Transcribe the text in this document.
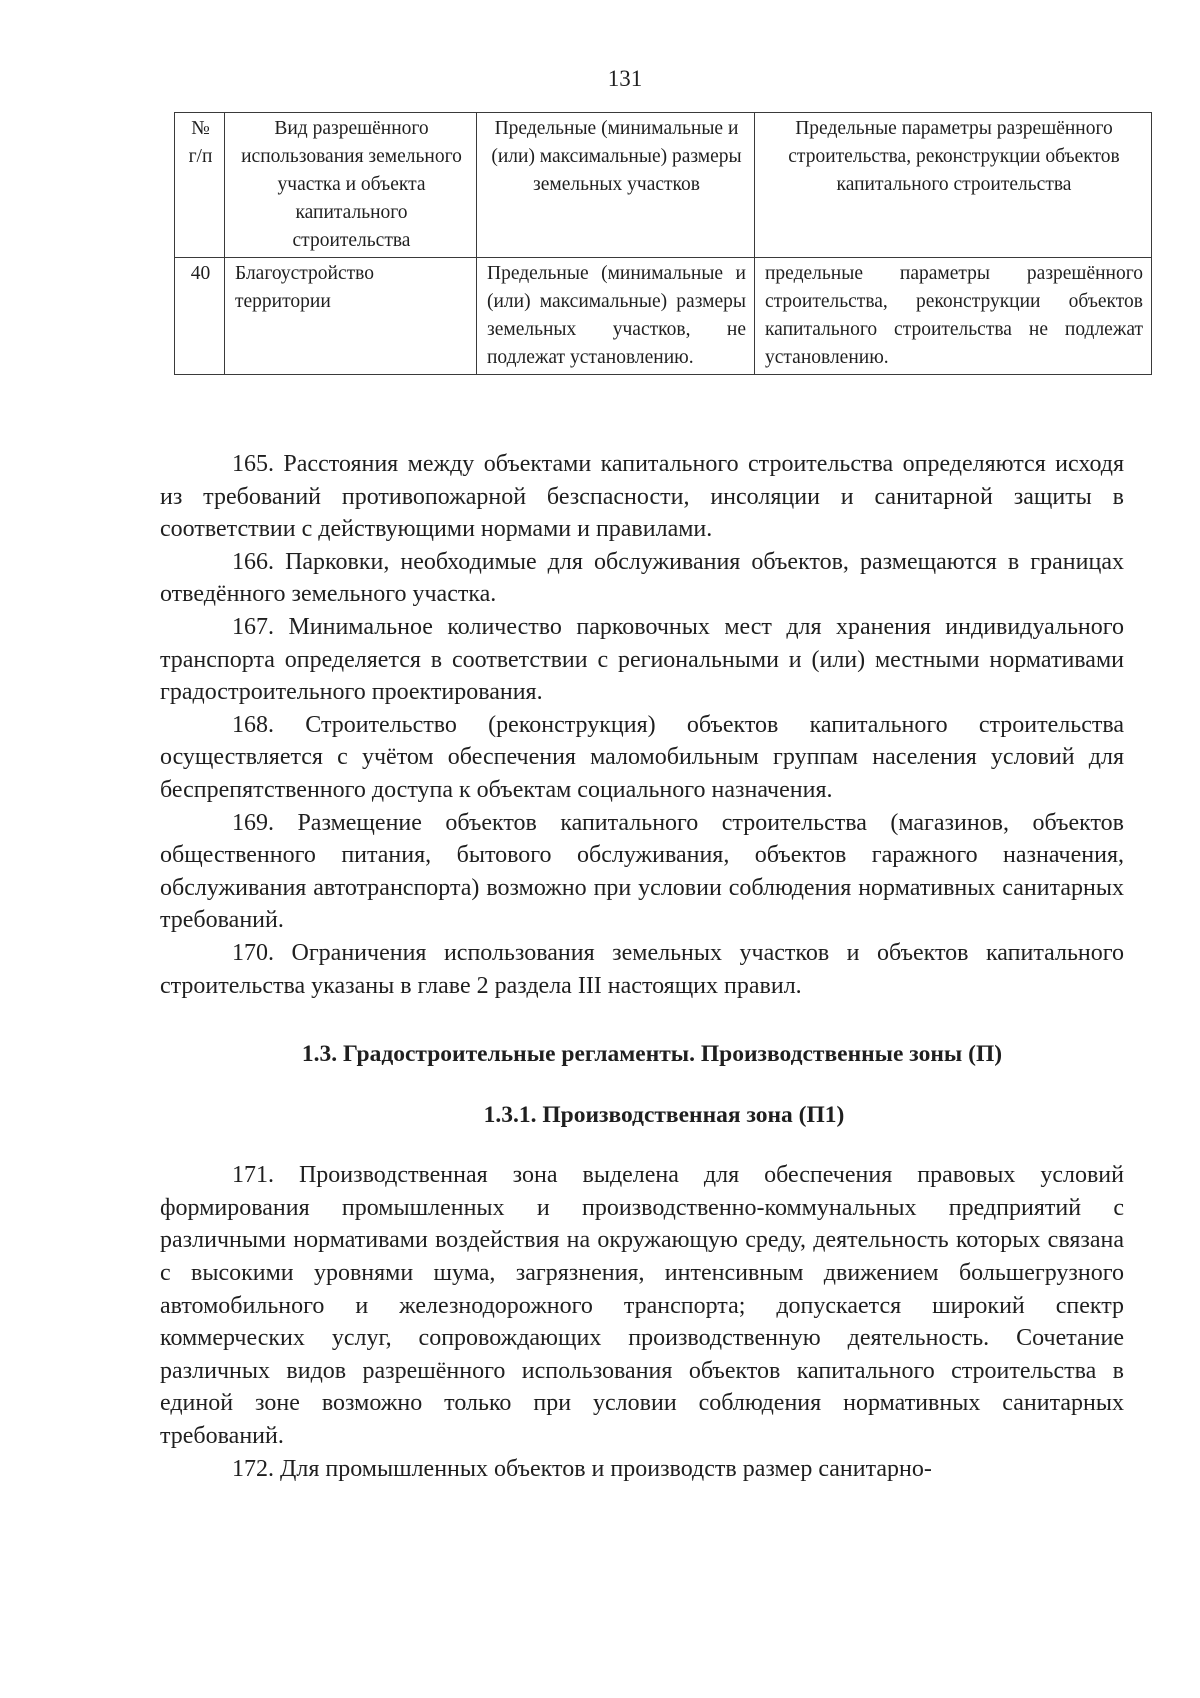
131
№ г/п	Вид разрешённого использования земельного участка и объекта капитального строительства	Предельные (минимальные и (или) максимальные) размеры земельных участков	Предельные параметры разрешённого строительства, реконструкции объектов капитального строительства
40	Благоустройство территории	Предельные (минимальные и (или) максимальные) размеры земельных участков, не подлежат установлению.	предельные параметры разрешённого строительства, реконструкции объектов капитального строительства не подлежат установлению.

165. Расстояния между объектами капитального строительства определяются исходя из требований противопожарной безспасности, инсоляции и санитарной защиты в соответствии с действующими нормами и правилами.

166. Парковки, необходимые для обслуживания объектов, размещаются в границах отведённого земельного участка.

167. Минимальное количество парковочных мест для хранения индивидуального транспорта определяется в соответствии с региональными и (или) местными нормативами градостроительного проектирования.

168. Строительство (реконструкция) объектов капитального строительства осуществляется с учётом обеспечения маломобильным группам населения условий для беспрепятственного доступа к объектам социального назначения.

169. Размещение объектов капитального строительства (магазинов, объектов общественного питания, бытового обслуживания, объектов гаражного назначения, обслуживания автотранспорта) возможно при условии соблюдения нормативных санитарных требований.

170. Ограничения использования земельных участков и объектов капитального строительства указаны в главе 2 раздела III настоящих правил.

1.3. Градостроительные регламенты. Производственные зоны (П)
1.3.1. Производственная зона (П1)

171. Производственная зона выделена для обеспечения правовых условий формирования промышленных и производственно-коммунальных предприятий с различными нормативами воздействия на окружающую среду, деятельность которых связана с высокими уровнями шума, загрязнения, интенсивным движением большегрузного автомобильного и железнодорожного транспорта; допускается широкий спектр коммерческих услуг, сопровождающих производственную деятельность. Сочетание различных видов разрешённого использования объектов капитального строительства в единой зоне возможно только при условии соблюдения нормативных санитарных требований.

172. Для промышленных объектов и производств размер санитарно-
